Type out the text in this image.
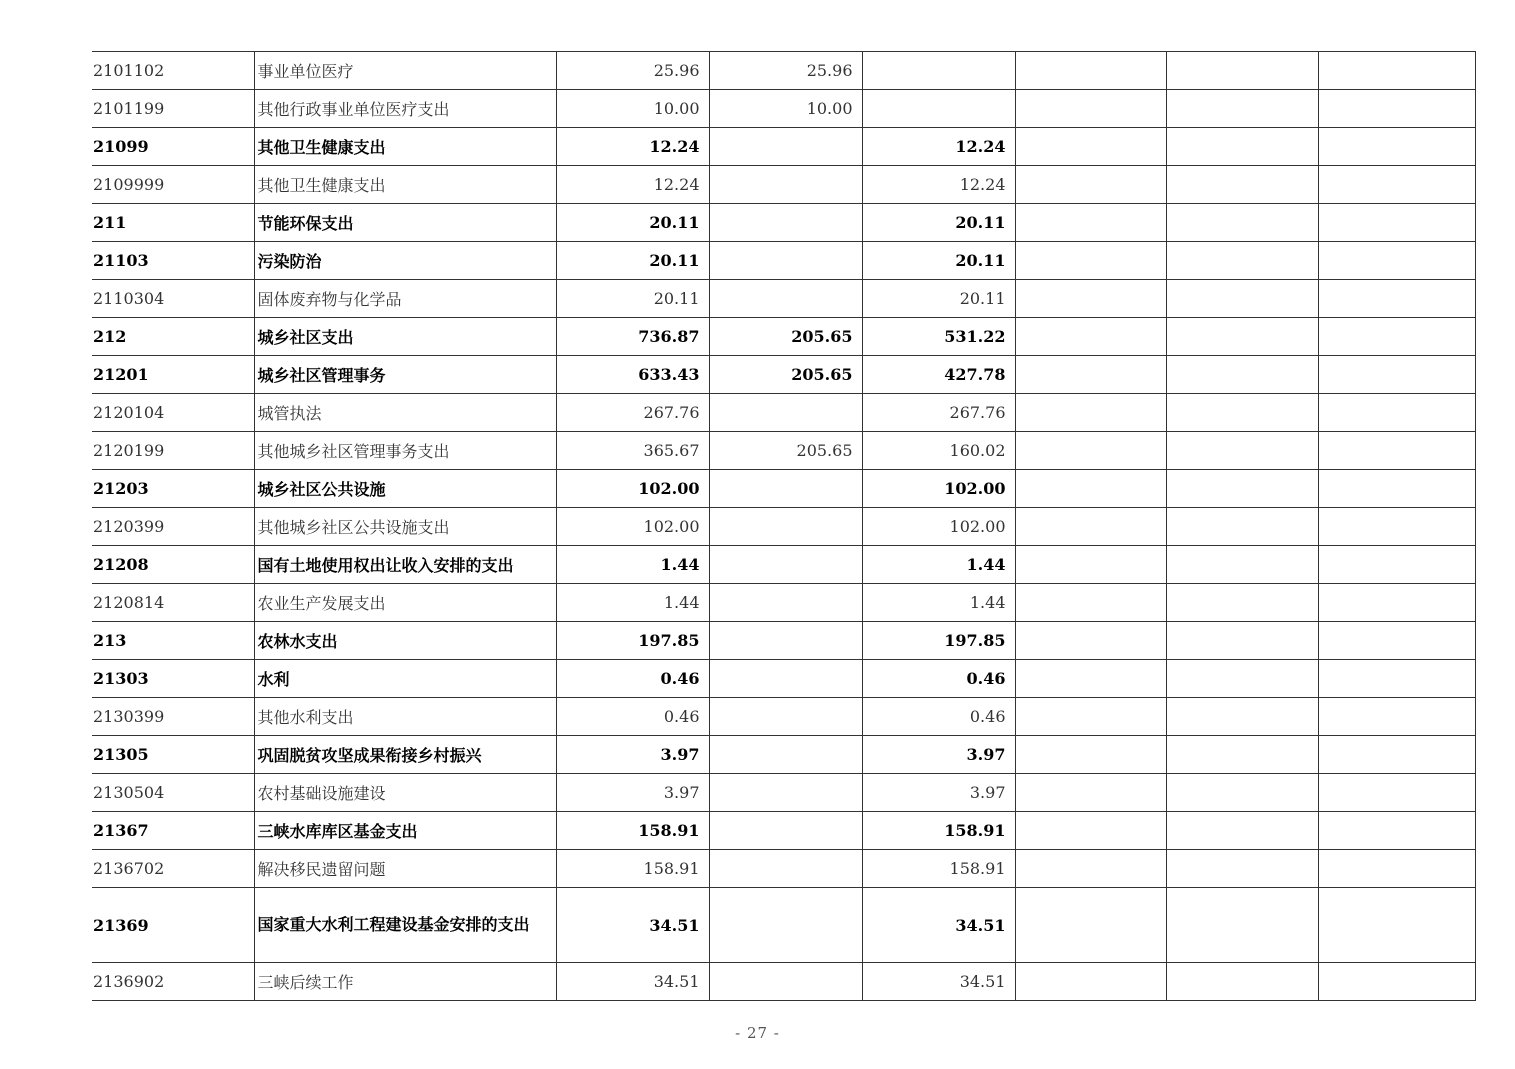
2101102	事业单位医疗	25.96	25.96				
2101199	其他行政事业单位医疗支出	10.00	10.00				
21099	其他卫生健康支出	12.24		12.24			
2109999	其他卫生健康支出	12.24		12.24			
211	节能环保支出	20.11		20.11			
21103	污染防治	20.11		20.11			
2110304	固体废弃物与化学品	20.11		20.11			
212	城乡社区支出	736.87	205.65	531.22			
21201	城乡社区管理事务	633.43	205.65	427.78			
2120104	城管执法	267.76		267.76			
2120199	其他城乡社区管理事务支出	365.67	205.65	160.02			
21203	城乡社区公共设施	102.00		102.00			
2120399	其他城乡社区公共设施支出	102.00		102.00			
21208	国有土地使用权出让收入安排的支出	1.44		1.44			
2120814	农业生产发展支出	1.44		1.44			
213	农林水支出	197.85		197.85			
21303	水利	0.46		0.46			
2130399	其他水利支出	0.46		0.46			
21305	巩固脱贫攻坚成果衔接乡村振兴	3.97		3.97			
2130504	农村基础设施建设	3.97		3.97			
21367	三峡水库库区基金支出	158.91		158.91			
2136702	解决移民遗留问题	158.91		158.91			
21369	国家重大水利工程建设基金安排的支出	34.51		34.51			
2136902	三峡后续工作	34.51		34.51			
- 27 -
